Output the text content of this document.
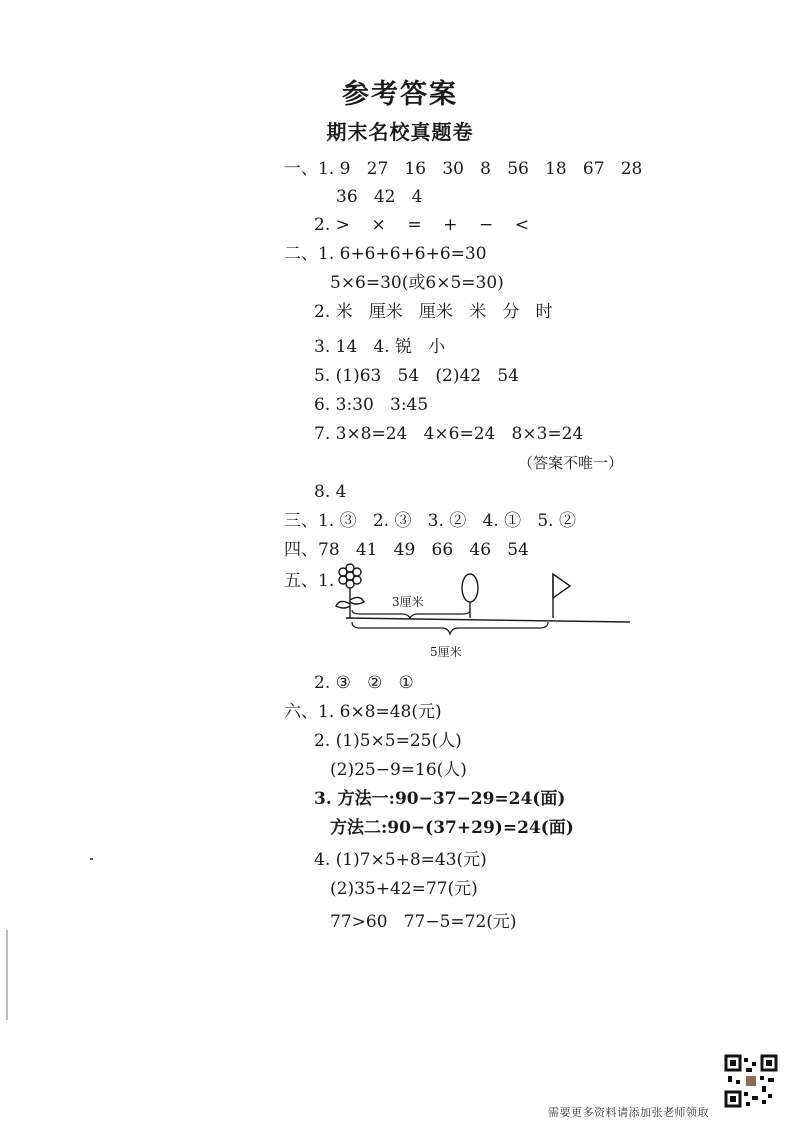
参考答案
期末名校真题卷
一、1. 9   27   16   30   8   56   18   67   28
36   42   4
2. >    ×    =    +    −    <
二、1. 6+6+6+6+6=30
5×6=30(或6×5=30)
2. 米   厘米   厘米   米   分   时
3. 14   4. 锐   小
5. (1)63   54   (2)42   54
6. 3:30   3:45
7. 3×8=24   4×6=24   8×3=24
（答案不唯一）
8. 4
三、1. ③   2. ③   3. ②   4. ①   5. ②
四、78   41   49   66   46   54
五、1.
3厘米
5厘米
2. ③   ②   ①
六、1. 6×8=48(元)
2. (1)5×5=25(人)
(2)25−9=16(人)
3. 方法一:90−37−29=24(面)
方法二:90−(37+29)=24(面)
4. (1)7×5+8=43(元)
(2)35+42=77(元)
77>60   77−5=72(元)
需要更多资料请添加张老师领取
